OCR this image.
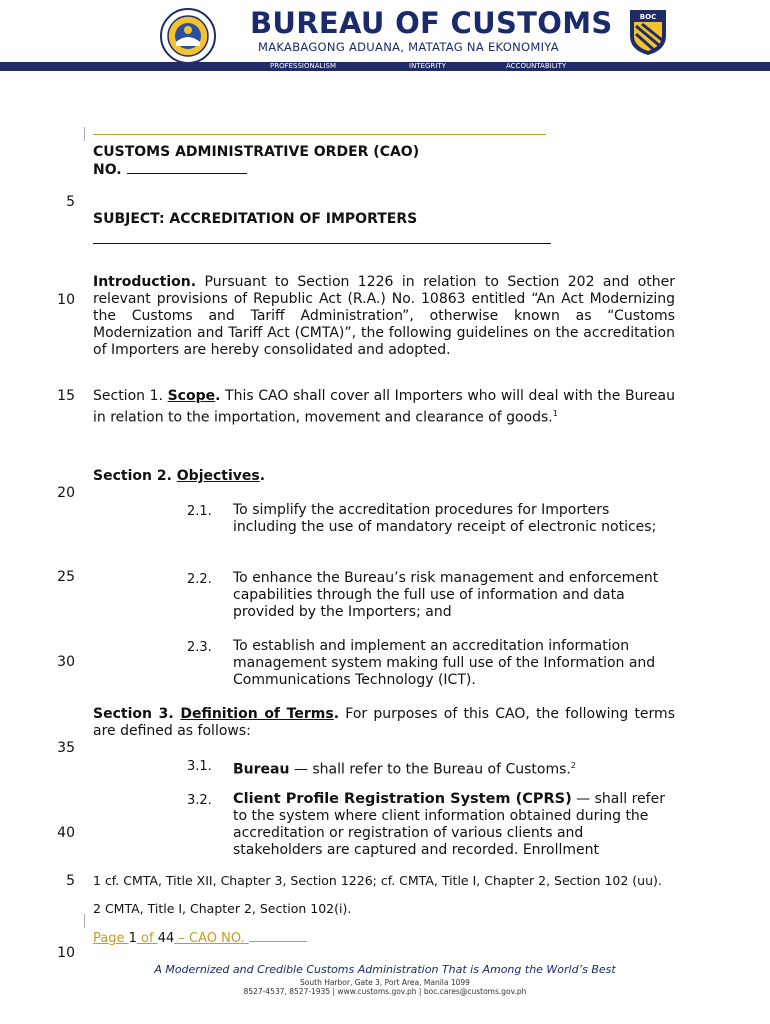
BUREAU OF CUSTOMS
MAKABAGONG ADUANA, MATATAG NA EKONOMIYA
BOC
PROFESSIONALISM	INTEGRITY	ACCOUNTABILITY
CUSTOMS ADMINISTRATIVE ORDER (CAO)
NO.
SUBJECT: ACCREDITATION OF IMPORTERS
5
10
15
20
25
30
35
40
5
10
Introduction. Pursuant to Section 1226 in relation to Section 202 and other relevant provisions of Republic Act (R.A.) No. 10863 entitled “An Act Modernizing the Customs and Tariff Administration”, otherwise known as “Customs Modernization and Tariff Act (CMTA)”, the following guidelines on the accreditation of Importers are hereby consolidated and adopted.
Section 1. Scope. This CAO shall cover all Importers who will deal with the Bureau in relation to the importation, movement and clearance of goods.$^1$
Section 2. Objectives.
2.1. To simplify the accreditation procedures for Importers including the use of mandatory receipt of electronic notices;
2.2. To enhance the Bureau’s risk management and enforcement capabilities through the full use of information and data provided by the Importers; and
2.3. To establish and implement an accreditation information management system making full use of the Information and Communications Technology (ICT).
Section 3. Definition of Terms. For purposes of this CAO, the following terms are defined as follows:
3.1. Bureau — shall refer to the Bureau of Customs.$^2$
3.2. Client Profile Registration System (CPRS) — shall refer to the system where client information obtained during the accreditation or registration of various clients and stakeholders are captured and recorded. Enrollment
1 cf. CMTA, Title XII, Chapter 3, Section 1226; cf. CMTA, Title I, Chapter 2, Section 102 (uu).
2 CMTA, Title I, Chapter 2, Section 102(i).
Page 1 of 44 – CAO NO.
A Modernized and Credible Customs Administration That is Among the World’s Best
South Harbor, Gate 3, Port Area, Manila 1099
8527-4537, 8527-1935 | www.customs.gov.ph | boc.cares@customs.gov.ph
